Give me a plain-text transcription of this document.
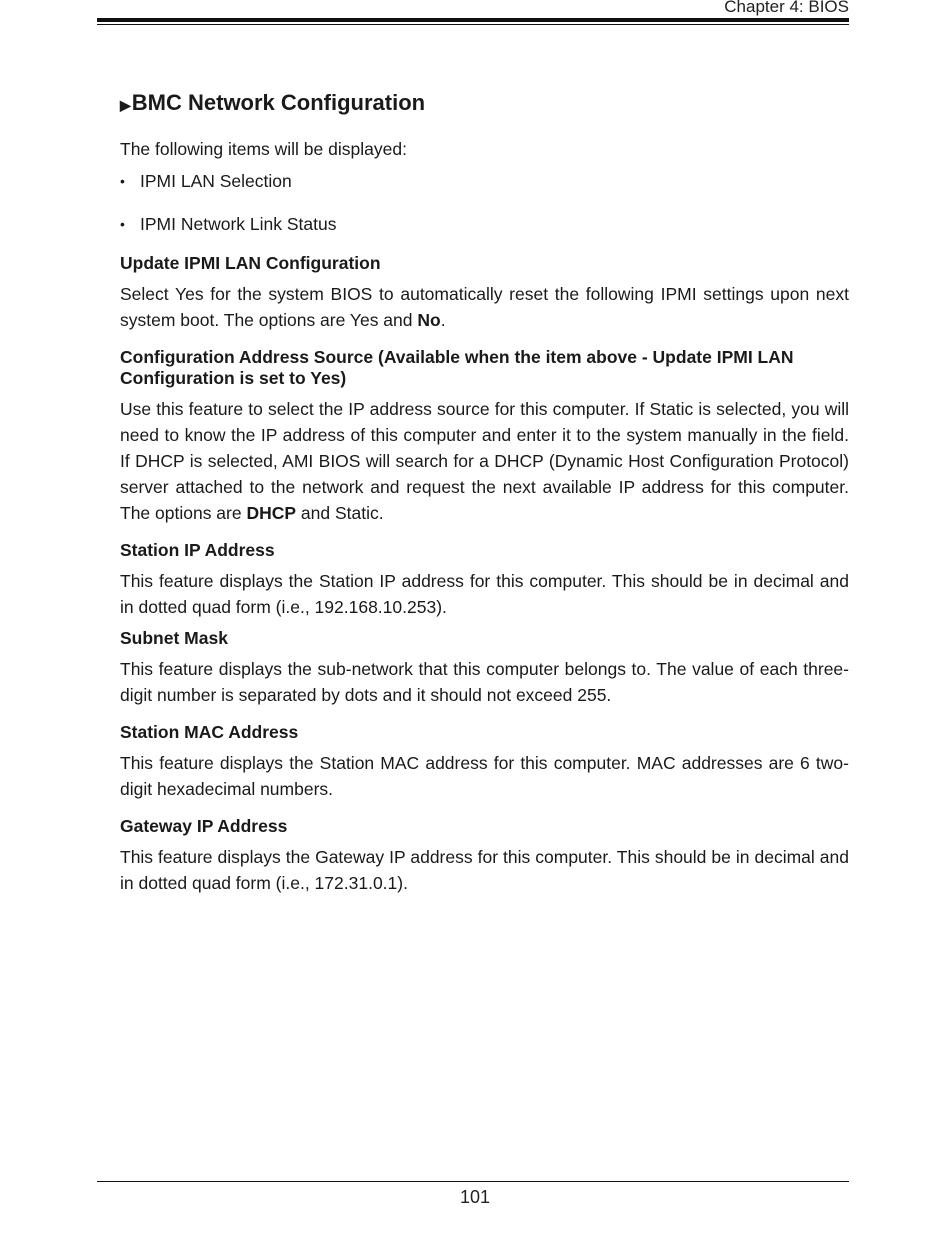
Chapter 4: BIOS
▶ BMC Network Configuration

The following items will be displayed:

• IPMI LAN Selection
• IPMI Network Link Status
Update IPMI LAN Configuration

Select Yes for the system BIOS to automatically reset the following IPMI settings upon next system boot. The options are Yes and No.

Configuration Address Source (Available when the item above - Update IPMI LAN Configuration is set to Yes)

Use this feature to select the IP address source for this computer. If Static is selected, you will need to know the IP address of this computer and enter it to the system manually in the field. If DHCP is selected, AMI BIOS will search for a DHCP (Dynamic Host Configuration Protocol) server attached to the network and request the next available IP address for this computer. The options are DHCP and Static.

Station IP Address

This feature displays the Station IP address for this computer. This should be in decimal and in dotted quad form (i.e., 192.168.10.253).

Subnet Mask

This feature displays the sub-network that this computer belongs to. The value of each three-digit number is separated by dots and it should not exceed 255.

Station MAC Address

This feature displays the Station MAC address for this computer. MAC addresses are 6 two-digit hexadecimal numbers.

Gateway IP Address

This feature displays the Gateway IP address for this computer. This should be in decimal and in dotted quad form (i.e., 172.31.0.1).

101
